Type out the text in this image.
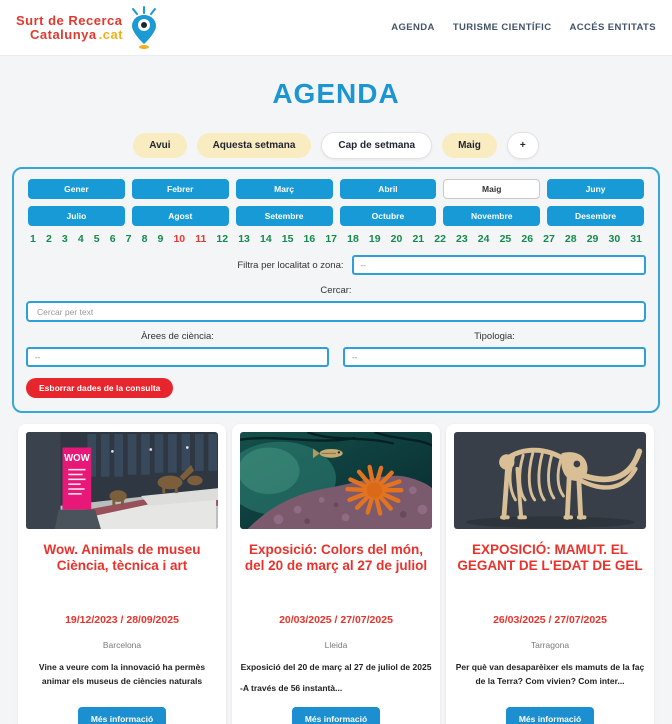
Surt de Recerca
Catalunya .cat	AGENDA TURISME CIENTÍFIC ACCÉS ENTITATS
AGENDA
Avui	Aquesta setmana	Cap de setmana	Maig	+
Gener	Febrer	Març	Abril	Maig	Juny
Julio	Agost	Setembre	Octubre	Novembre	Desembre
1 2 3 4 5 6 7 8 9 10 11 12 13 14 15 16 17 18 19 20 21 22 23 24 25 26 27 28 29 30 31
Filtra per localitat o zona:	--
Cercar:
Cercar per text
Àrees de ciència:
--
Tipologia:
--
Esborrar dades de la consulta
WOW
Wow. Animals de museu Ciència, tècnica i art
19/12/2023 / 28/09/2025
Barcelona
Vine a veure com la innovació ha permès animar els museus de ciències naturals
Més informació
Exposició: Colors del món, del 20 de març al 27 de juliol
20/03/2025 / 27/07/2025
Lleida
Exposició del 20 de març al 27 de juliol de 2025
-A través de 56 instantà...
Més informació
EXPOSICIÓ: MAMUT. EL GEGANT DE L'EDAT DE GEL
26/03/2025 / 27/07/2025
Tarragona
Per què van desaparèixer els mamuts de la faç de la Terra? Com vivien? Com inter...
Més informació
